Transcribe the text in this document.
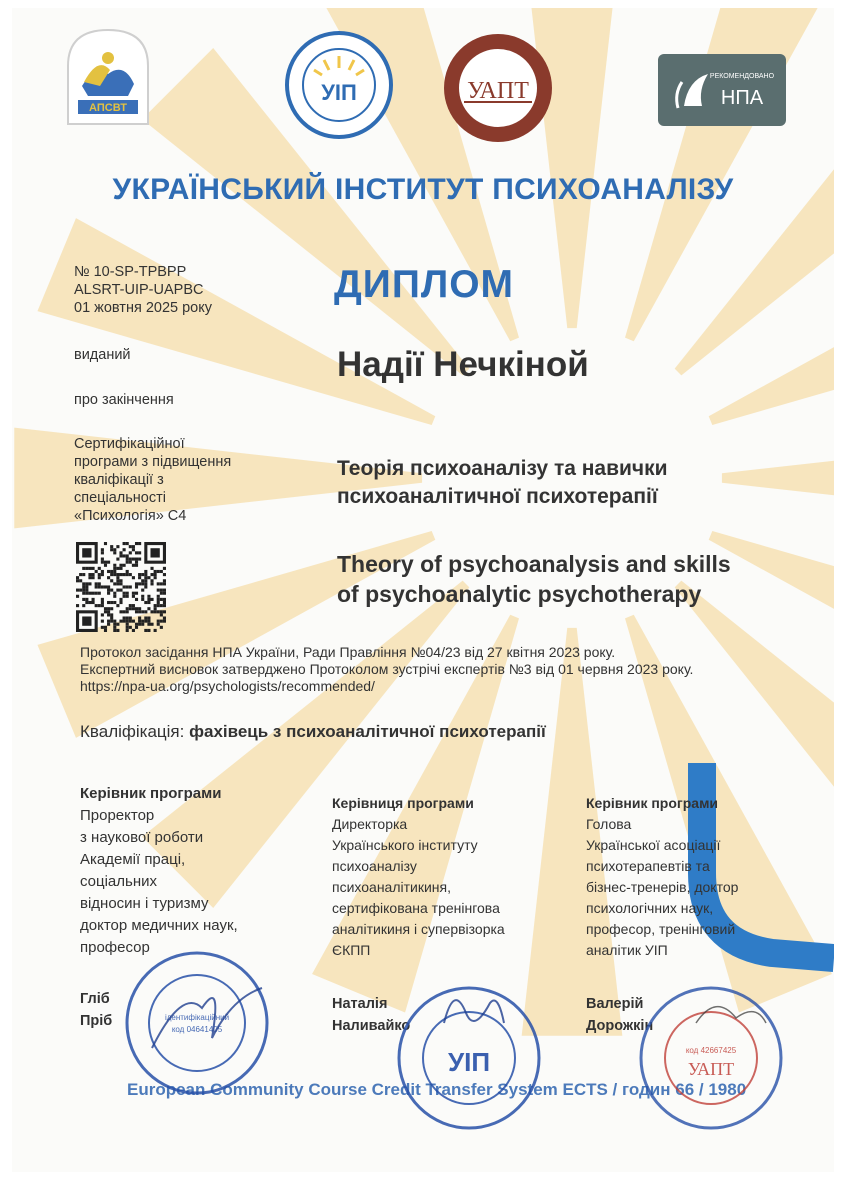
АПСВТ
УІП	УАПТ
РЕКОМЕНДОВАНО
НПА
УКРАЇНСЬКИЙ ІНСТИТУТ ПСИХОАНАЛІЗУ
№ 10-SP-TPBPP
ALSRT-UIP-UAPBC
01 жовтня 2025 року
виданий
про закінчення
Сертифікаційної
програми з підвищення
кваліфікації з
спеціальності
«Психологія» С4
ДИПЛОМ
Надії Нечкіной
Теорія психоаналізу та навички
психоаналітичної психотерапії
Theory of psychoanalysis and skills
of psychoanalytic psychotherapy
Протокол засідання НПА України, Ради Правління №04/23 від 27 квітня 2023 року.
Експертний висновок затверджено Протоколом зустрічі експертів №3 від 01 червня 2023 року.
https://npa-ua.org/psychologists/recommended/
Кваліфікація: фахівець з психоаналітичної психотерапії
Керівник програми
Проректор
з наукової роботи
Академії праці,
соціальних
відносин і туризму
доктор медичних наук,
професор
Керівниця програми
Директорка
Українського інституту
психоаналізу
психоаналітикиня,
сертифікована тренінгова
аналітикиня і супервізорка
ЄКПП
Керівник програми
Голова
Української асоціації
психотерапевтів та
бізнес-тренерів, доктор
психологічних наук,
професор, тренінговий
аналітик УІП
Гліб
Пріб
Наталія
Наливайко
Валерій
Дорожкін
European Community Course Credit Transfer System ECTS / годин 66 / 1980
ідентифікаційний
код 04641405
УІП	код 42667425
УАПТ
